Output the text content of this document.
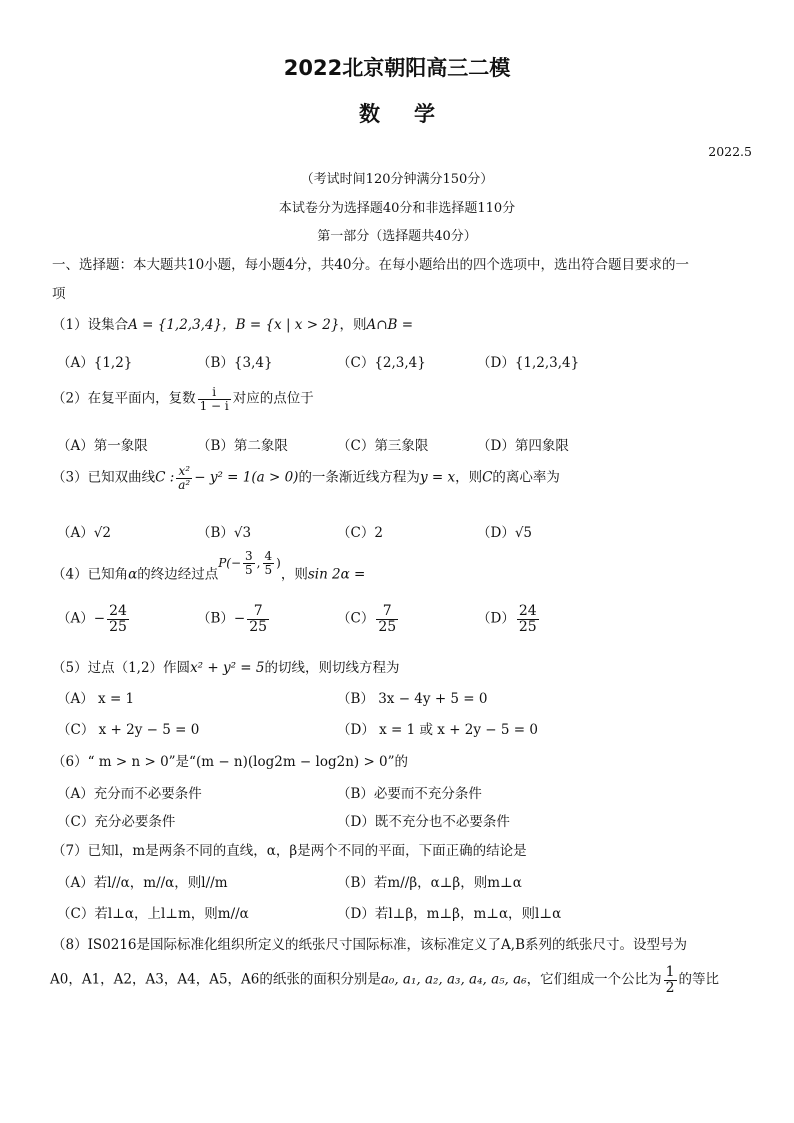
2022北京朝阳高三二模
数学
2022.5
（考试时间120分钟满分150分）
本试卷分为选择题40分和非选择题110分
第一部分（选择题共40分）
一、选择题：本大题共10小题，每小题4分，共40分。在每小题给出的四个选项中，选出符合题目要求的一
项
（1）设集合A = {1,2,3,4}，B = {x | x > 2}，则A∩B =
（A）{1,2}	（B）{3,4}	（C）{2,3,4}	（D）{1,2,3,4}
（2）在复平面内，复数 $\frac{i}{1 - i}$ 对应的点位于
（A）第一象限	（B）第二象限	（C）第三象限	（D）第四象限
（3）已知双曲线C : $\frac{\text{x²}}{\text{a²}} - y^2 = 1(a > 0)$的一条渐近线方程为y = x，则C的离心率为
（A）√2	（B）√3	（C）2	（D）√5
（4）已知角α的终边经过点$P(- \frac{3}{5}$ , $\frac{4}{5}$ )，则sin 2α =
$(A)- \frac{24}{25}$	$(B)- \frac{7}{25}$	$(C) \frac{7}{25}$	$(D) \frac{24}{25}$
（5）过点（1,2）作圆x² + y² = 5的切线，则切线方程为
（A） x = 1	（B） 3x − 4y + 5 = 0
（C） x + 2y − 5 = 0	（D） x = 1 或 x + 2y − 5 = 0
（6）“ m > n > 0”是“(m − n)(log2m − log2n) > 0”的
（A）充分而不必要条件	（B）必要而不充分条件
（C）充分必要条件	（D）既不充分也不必要条件
（7）已知l，m是两条不同的直线，α，β是两个不同的平面，下面正确的结论是
（A）若l//α，m//α，则l//m	（B）若m//β，α⊥β，则m⊥α
（C）若l⊥α，上l⊥m，则m//α	（D）若l⊥β，m⊥β，m⊥α，则l⊥α
（8）IS0216是国际标准化组织所定义的纸张尺寸国际标准，该标准定义了A,B系列的纸张尺寸。设型号为
A0，A1，A2，A3，A4，A5，A6的纸张的面积分别是a₀, a₁, a₂, a₃, a₄, a₅, a₆，它们组成一个公比为 $\frac{1}{2}$ 的等比
